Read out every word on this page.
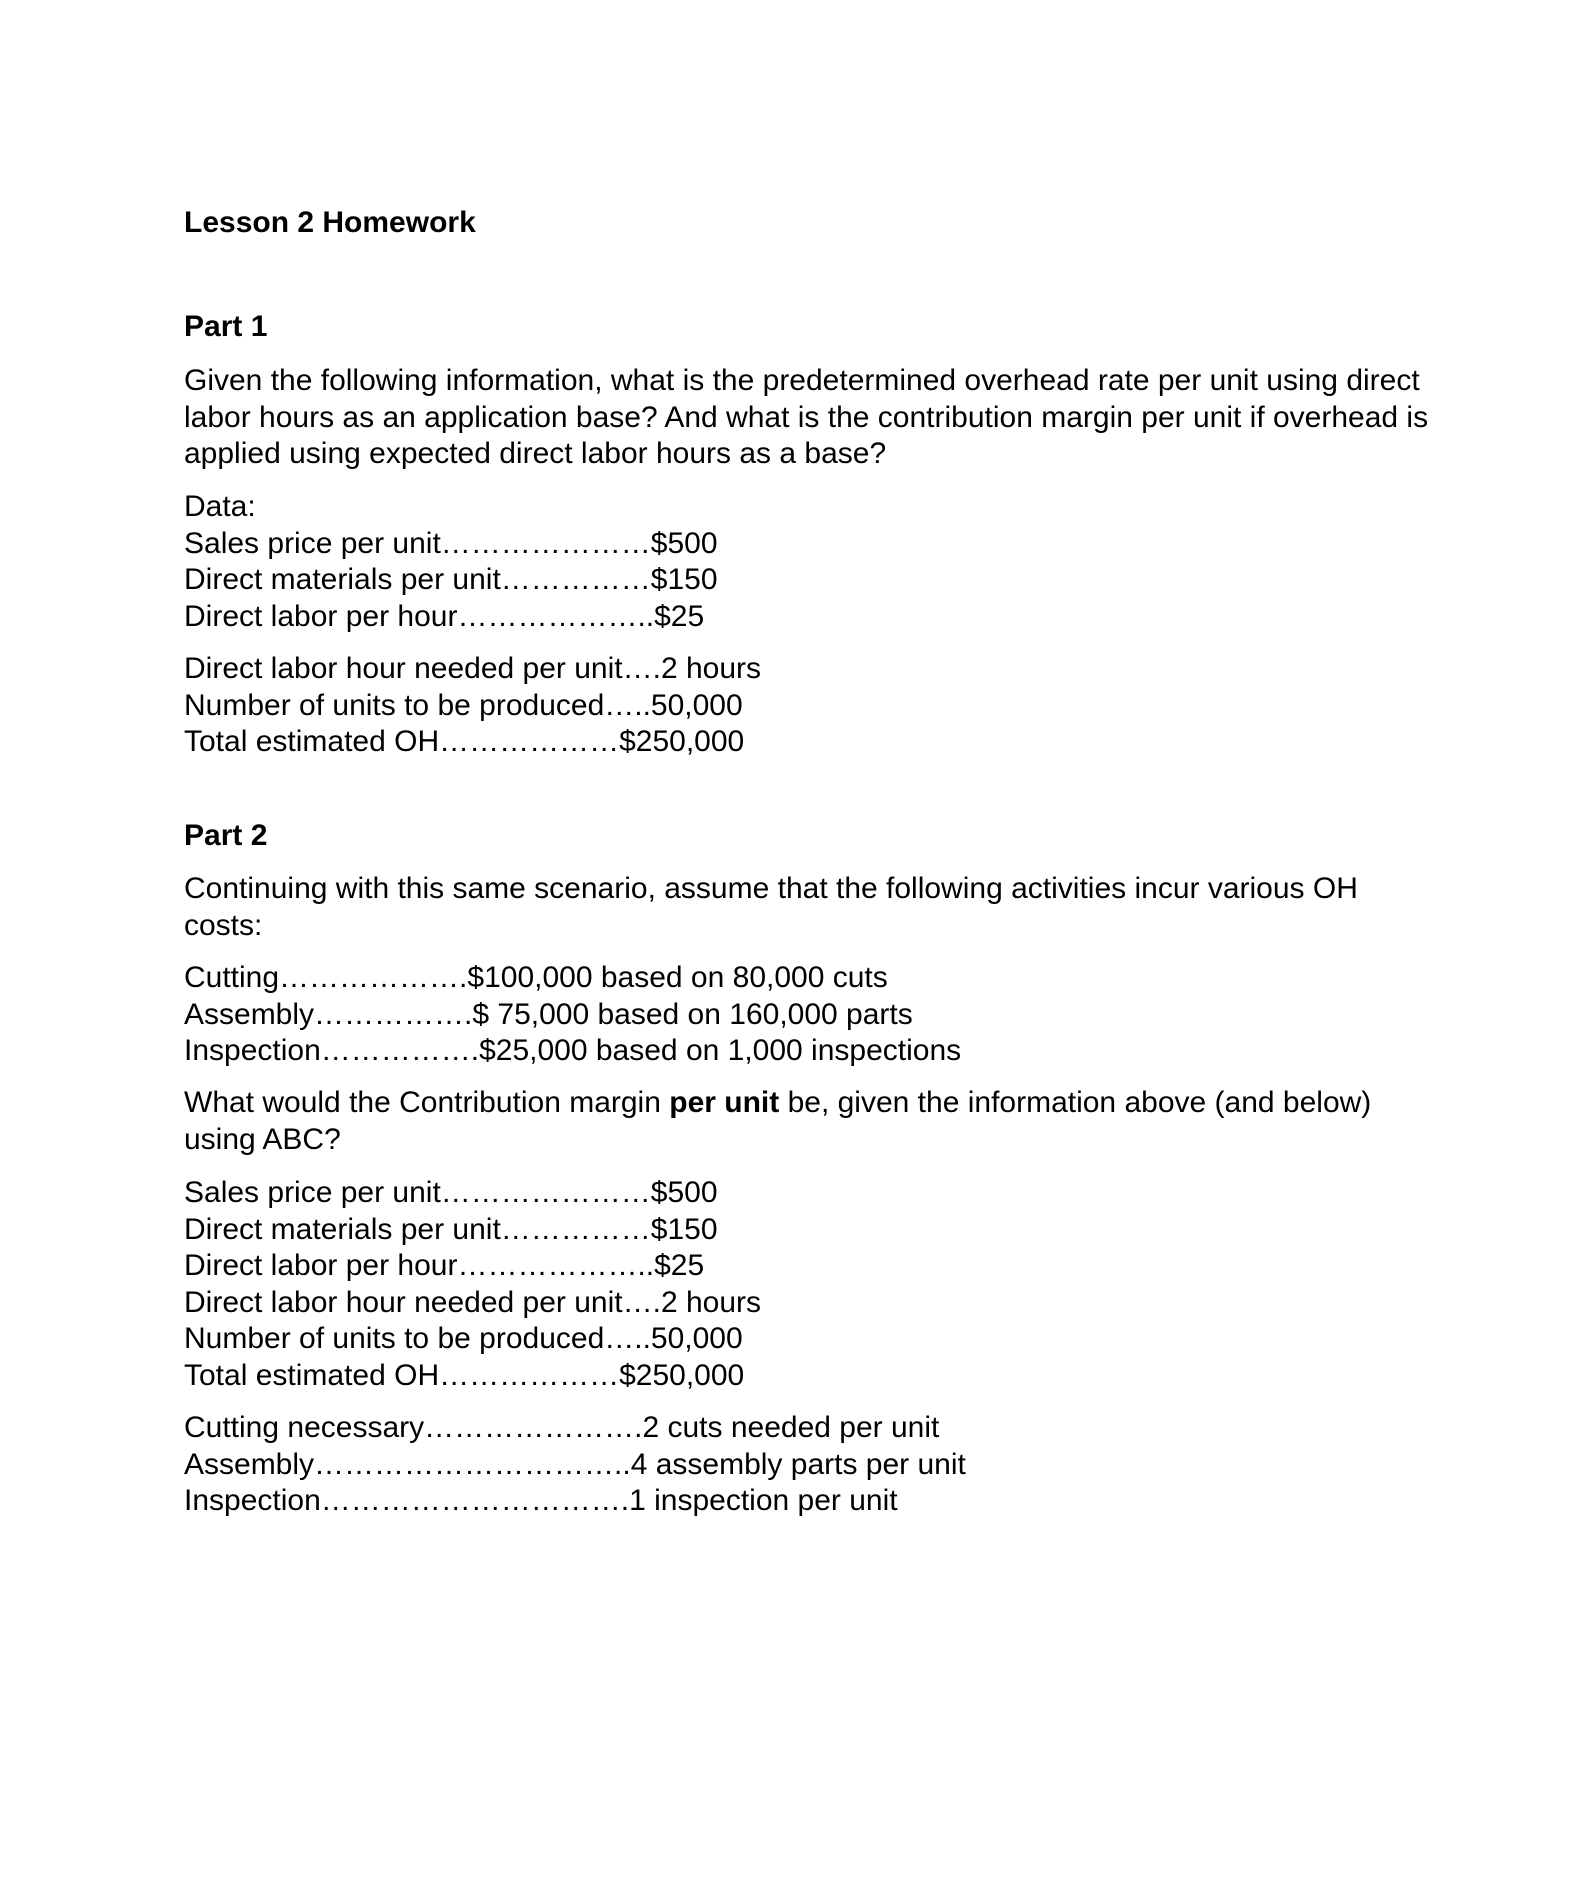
Lesson 2 Homework
Part 1

Given the following information, what is the predetermined overhead rate per unit using direct labor hours as an application base? And what is the contribution margin per unit if overhead is applied using expected direct labor hours as a base?

Data:
Sales price per unit…………………$500
Direct materials per unit……………$150
Direct labor per hour………………..$25
Direct labor hour needed per unit….2 hours
Number of units to be produced…..50,000
Total estimated OH………………$250,000
Part 2

Continuing with this same scenario, assume that the following activities incur various OH costs:

Cutting……………….$100,000 based on 80,000 cuts
Assembly…………….$ 75,000 based on 160,000 parts
Inspection…………….$25,000 based on 1,000 inspections

What would the Contribution margin per unit be, given the information above (and below) using ABC?

Sales price per unit…………………$500
Direct materials per unit……………$150
Direct labor per hour………………..$25
Direct labor hour needed per unit….2 hours
Number of units to be produced…..50,000
Total estimated OH………………$250,000
Cutting necessary………………….2 cuts needed per unit
Assembly…………………………..4 assembly parts per unit
Inspection………………………….1 inspection per unit
